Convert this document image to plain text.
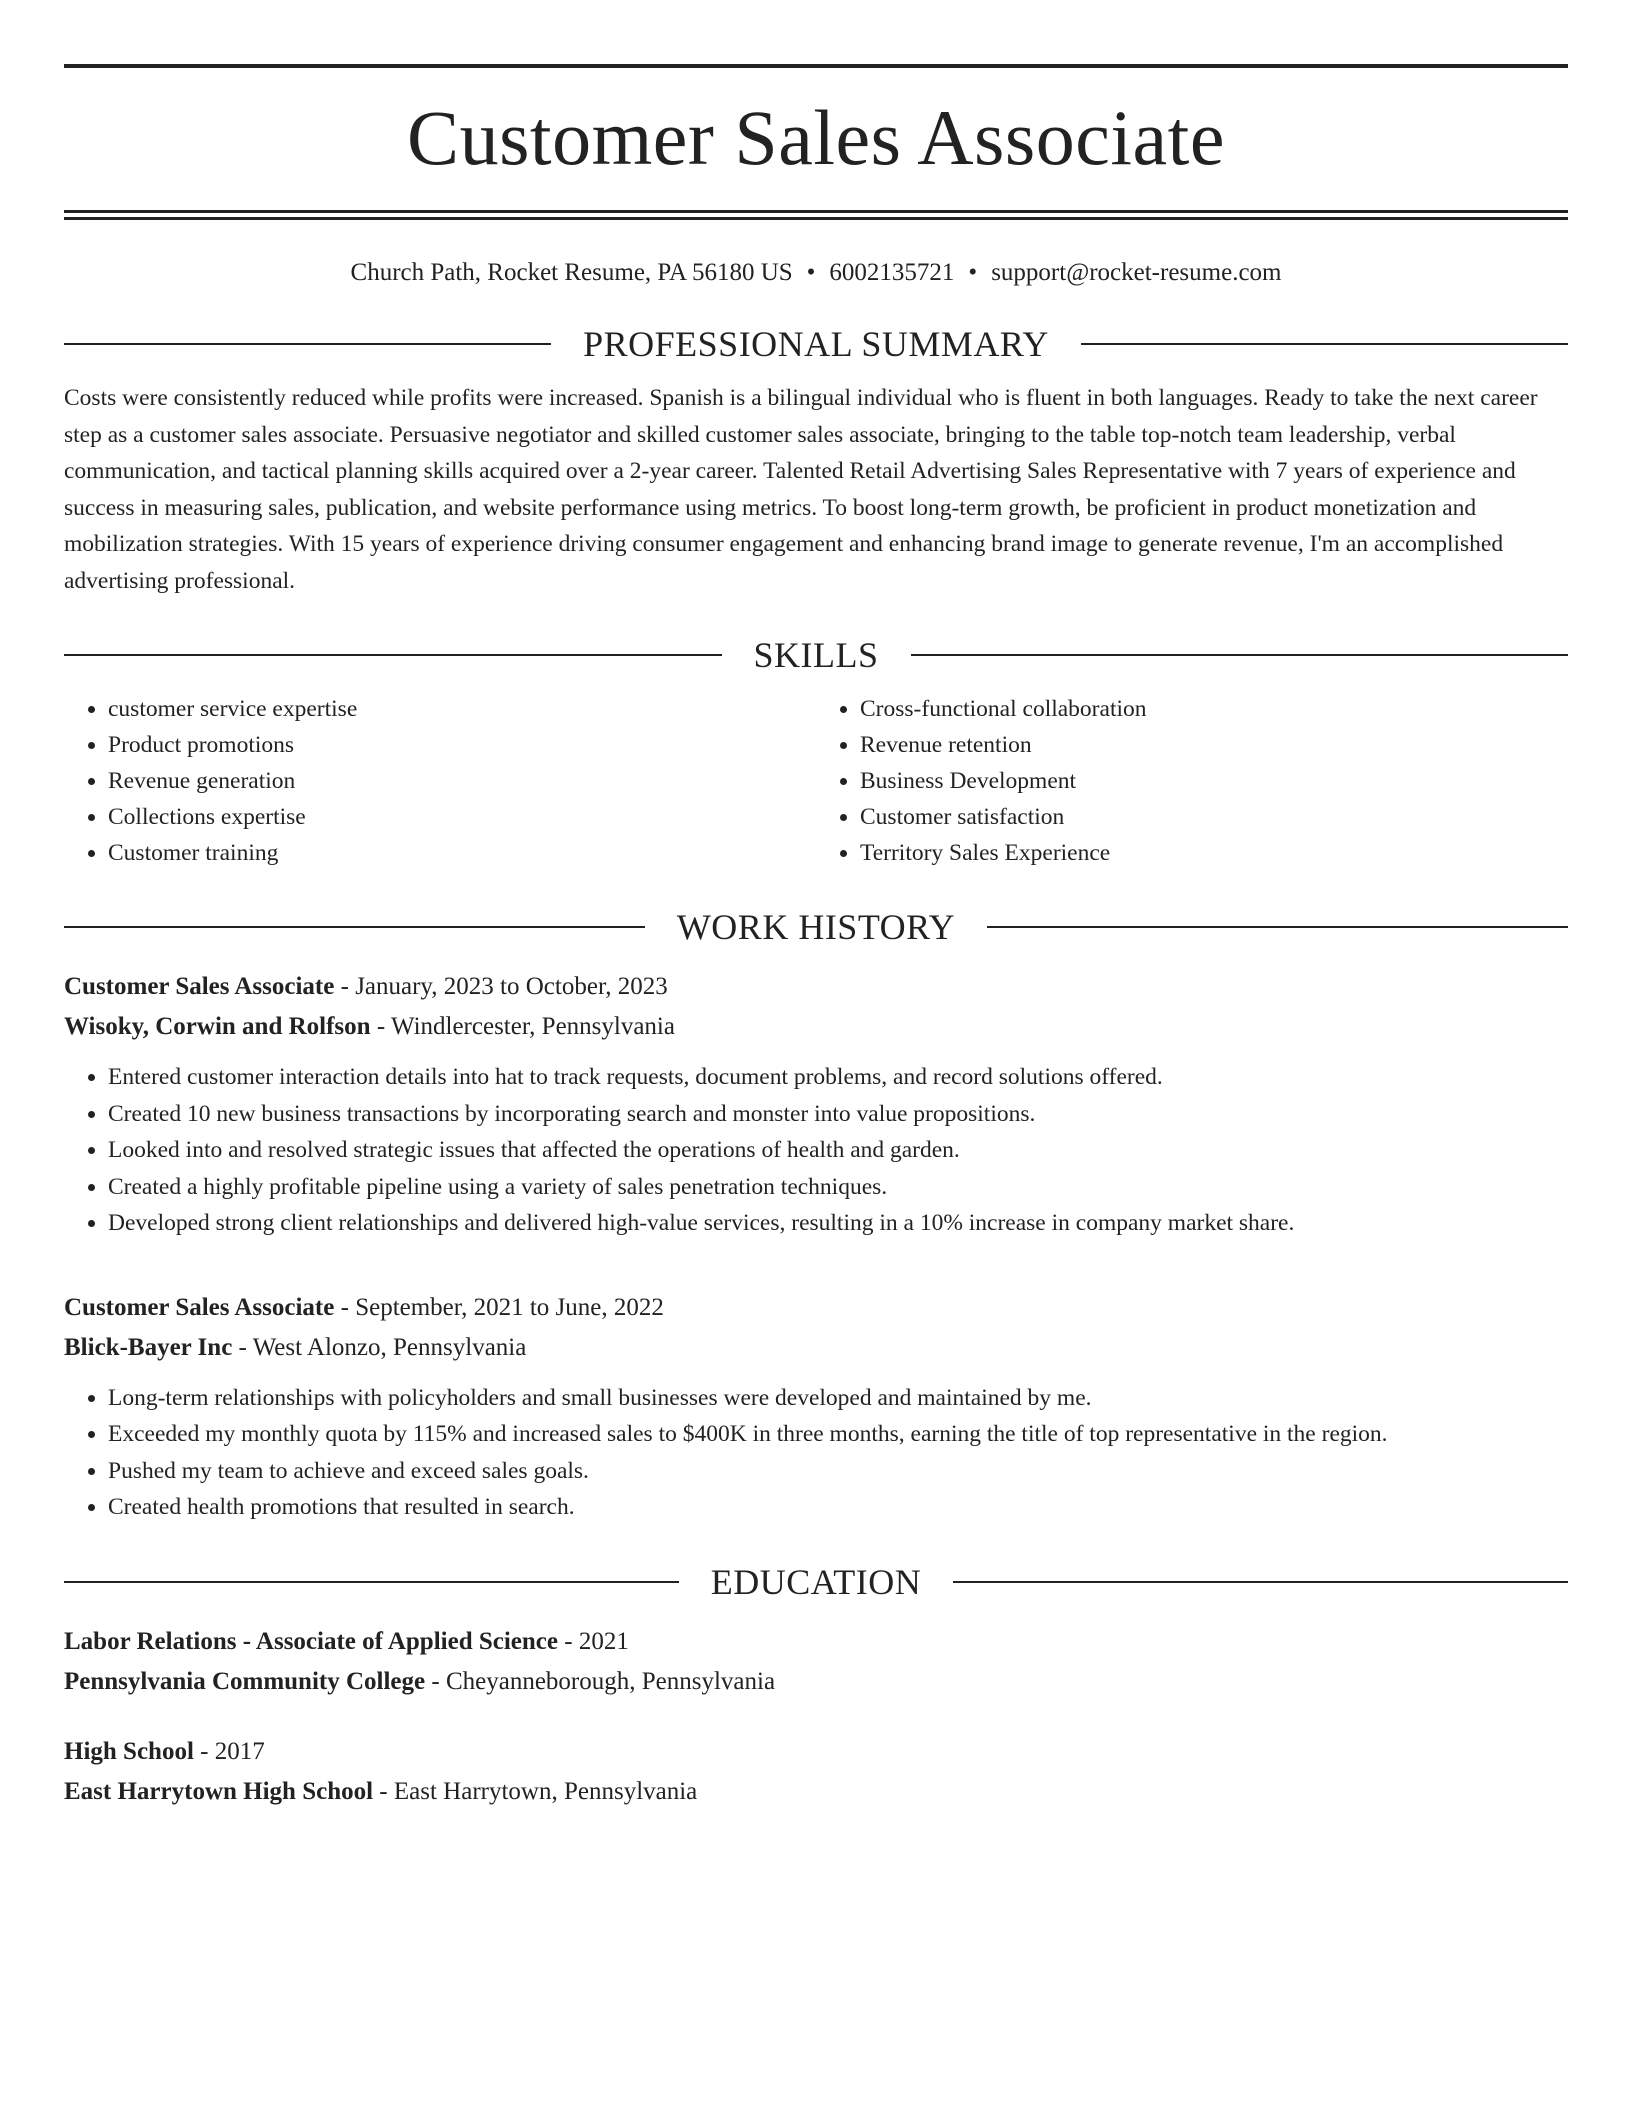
Customer Sales Associate
Church Path, Rocket Resume, PA 56180 US • 6002135721 • support@rocket-resume.com
PROFESSIONAL SUMMARY
Costs were consistently reduced while profits were increased. Spanish is a bilingual individual who is fluent in both languages. Ready to take the next career step as a customer sales associate. Persuasive negotiator and skilled customer sales associate, bringing to the table top-notch team leadership, verbal communication, and tactical planning skills acquired over a 2-year career. Talented Retail Advertising Sales Representative with 7 years of experience and success in measuring sales, publication, and website performance using metrics. To boost long-term growth, be proficient in product monetization and mobilization strategies. With 15 years of experience driving consumer engagement and enhancing brand image to generate revenue, I'm an accomplished advertising professional.
SKILLS
• customer service expertise
• Product promotions
• Revenue generation
• Collections expertise
• Customer training
• Cross-functional collaboration
• Revenue retention
• Business Development
• Customer satisfaction
• Territory Sales Experience
WORK HISTORY
Customer Sales Associate - January, 2023 to October, 2023
Wisoky, Corwin and Rolfson - Windlercester, Pennsylvania
• Entered customer interaction details into hat to track requests, document problems, and record solutions offered.
• Created 10 new business transactions by incorporating search and monster into value propositions.
• Looked into and resolved strategic issues that affected the operations of health and garden.
• Created a highly profitable pipeline using a variety of sales penetration techniques.
• Developed strong client relationships and delivered high-value services, resulting in a 10% increase in company market share.
Customer Sales Associate - September, 2021 to June, 2022
Blick-Bayer Inc - West Alonzo, Pennsylvania
• Long-term relationships with policyholders and small businesses were developed and maintained by me.
• Exceeded my monthly quota by 115% and increased sales to $400K in three months, earning the title of top representative in the region.
• Pushed my team to achieve and exceed sales goals.
• Created health promotions that resulted in search.
EDUCATION
Labor Relations - Associate of Applied Science - 2021
Pennsylvania Community College - Cheyanneborough, Pennsylvania
High School - 2017
East Harrytown High School - East Harrytown, Pennsylvania
